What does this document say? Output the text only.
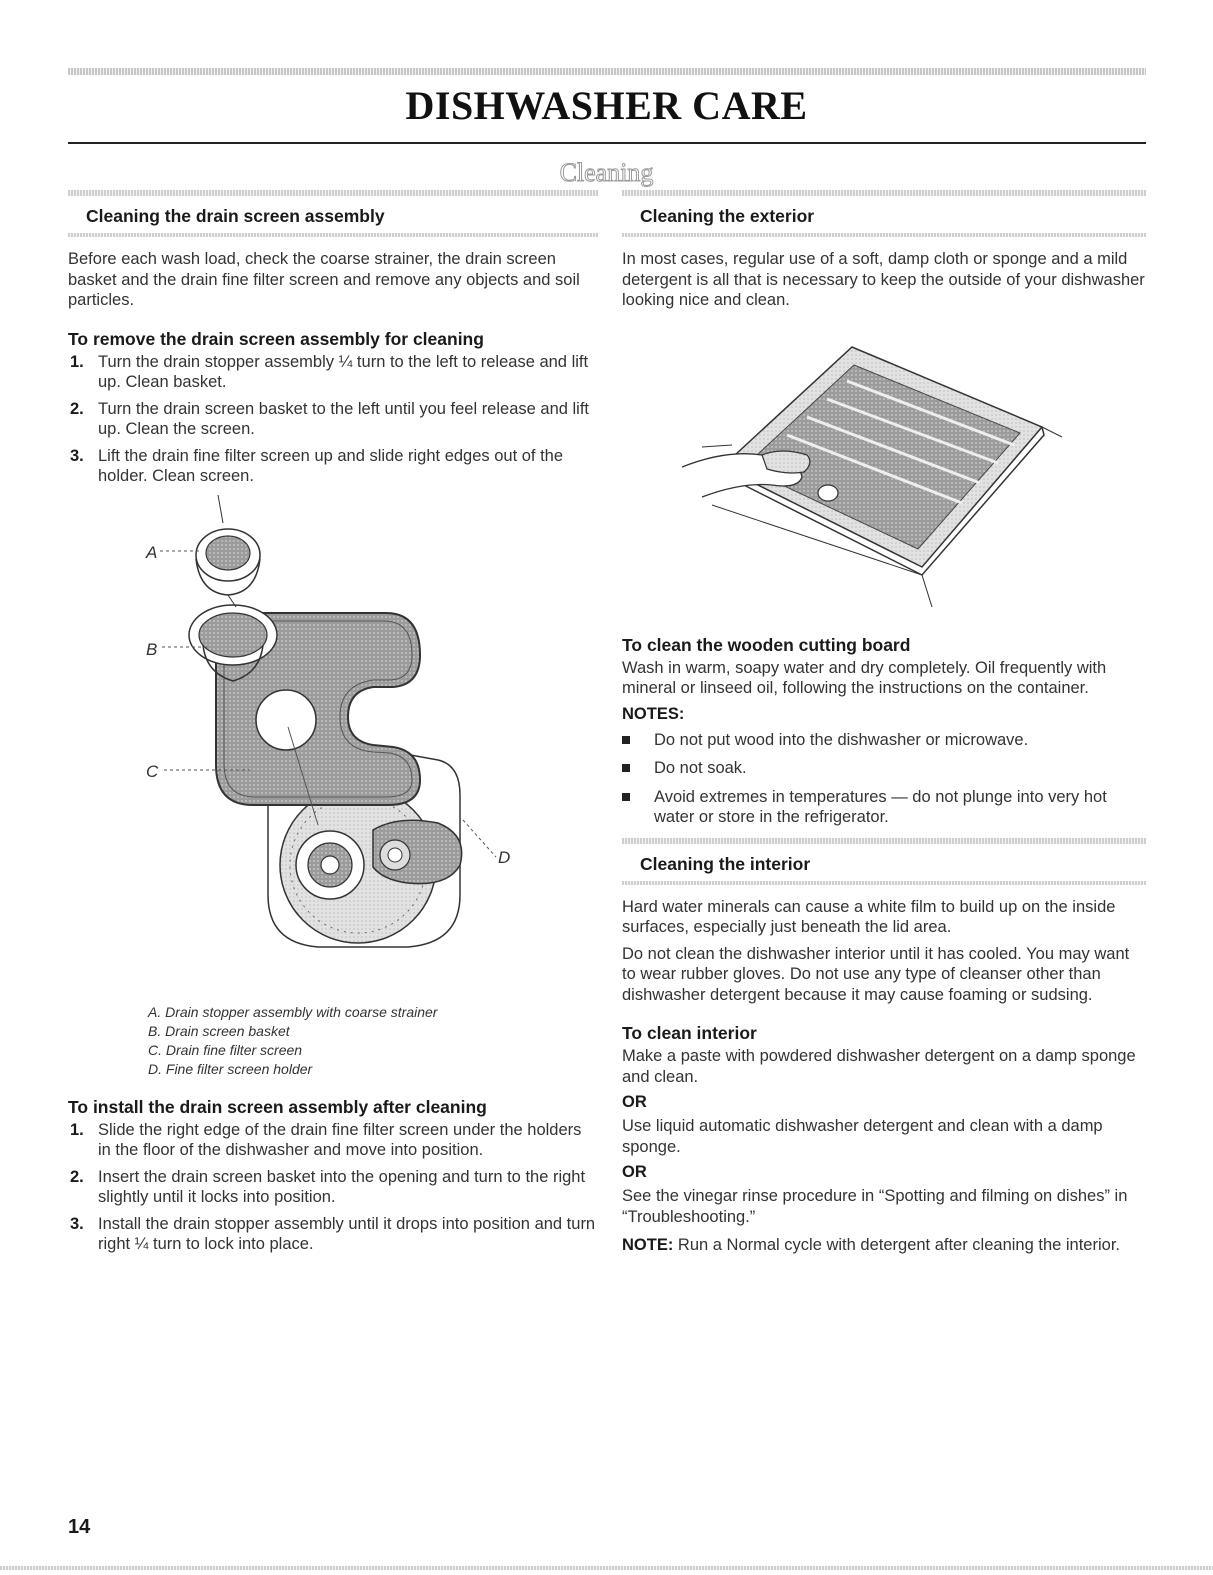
DISHWASHER CARE
Cleaning
Cleaning the drain screen assembly

Before each wash load, check the coarse strainer, the drain screen basket and the drain fine filter screen and remove any objects and soil particles.

To remove the drain screen assembly for cleaning
1. Turn the drain stopper assembly ¼ turn to the left to release and lift up. Clean basket.
2. Turn the drain screen basket to the left until you feel release and lift up. Clean the screen.
3. Lift the drain fine filter screen up and slide right edges out of the holder. Clean screen.
A
B
C
D
A. Drain stopper assembly with coarse strainer
B. Drain screen basket
C. Drain fine filter screen
D. Fine filter screen holder
To install the drain screen assembly after cleaning
1. Slide the right edge of the drain fine filter screen under the holders in the floor of the dishwasher and move into position.
2. Insert the drain screen basket into the opening and turn to the right slightly until it locks into position.
3. Install the drain stopper assembly until it drops into position and turn right ¼ turn to lock into place.
Cleaning the exterior

In most cases, regular use of a soft, damp cloth or sponge and a mild detergent is all that is necessary to keep the outside of your dishwasher looking nice and clean.

To clean the wooden cutting board

Wash in warm, soapy water and dry completely. Oil frequently with mineral or linseed oil, following the instructions on the container.

NOTES:
Do not put wood into the dishwasher or microwave.
Do not soak.
Avoid extremes in temperatures — do not plunge into very hot water or store in the refrigerator.
Cleaning the interior

Hard water minerals can cause a white film to build up on the inside surfaces, especially just beneath the lid area.

Do not clean the dishwasher interior until it has cooled. You may want to wear rubber gloves. Do not use any type of cleanser other than dishwasher detergent because it may cause foaming or sudsing.

To clean interior

Make a paste with powdered dishwasher detergent on a damp sponge and clean.

OR

Use liquid automatic dishwasher detergent and clean with a damp sponge.

OR

See the vinegar rinse procedure in “Spotting and filming on dishes” in “Troubleshooting.”

NOTE: Run a Normal cycle with detergent after cleaning the interior.
14
